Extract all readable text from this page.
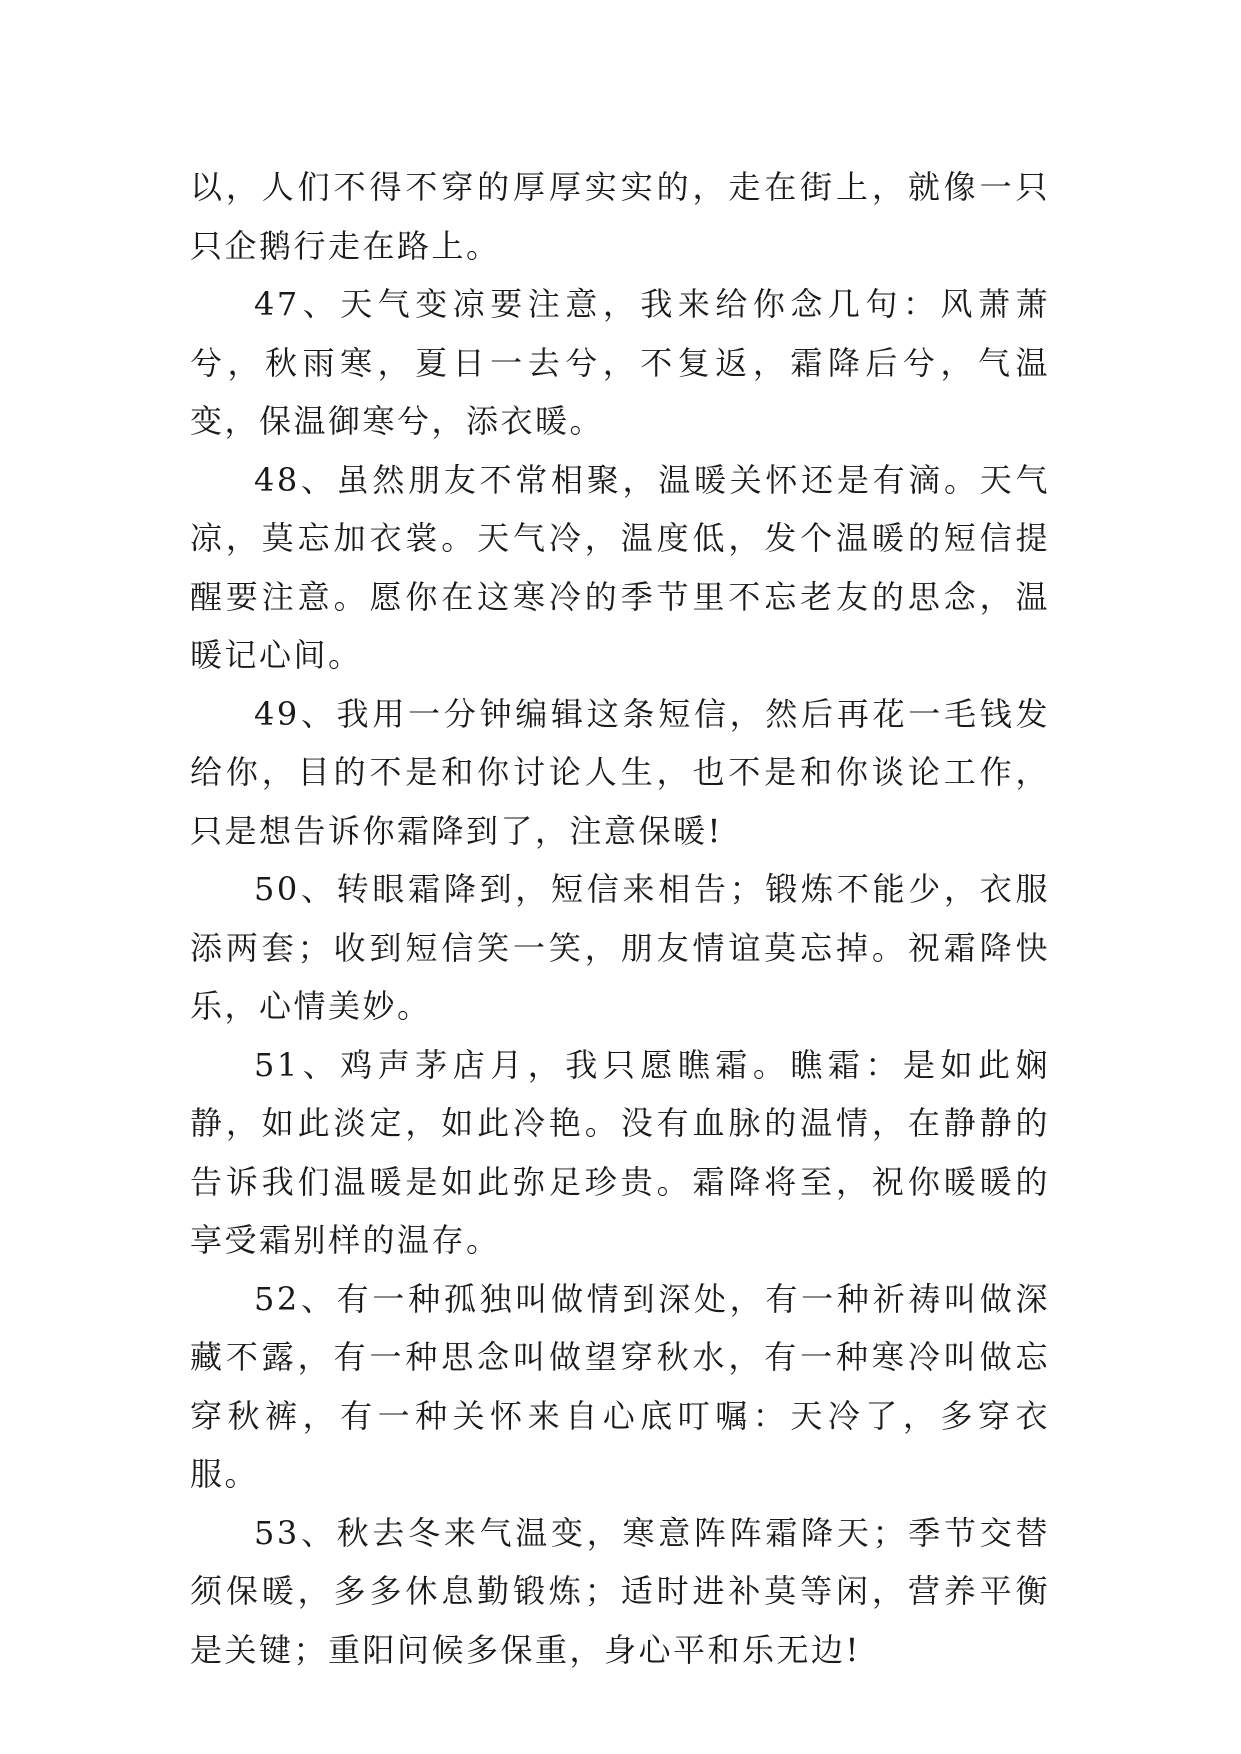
以，人们不得不穿的厚厚实实的，走在街上，就像一只只企鹅行走在路上。

47、天气变凉要注意，我来给你念几句：风萧萧兮，秋雨寒，夏日一去兮，不复返，霜降后兮，气温变，保温御寒兮，添衣暖。

48、虽然朋友不常相聚，温暖关怀还是有滴。天气凉，莫忘加衣裳。天气冷，温度低，发个温暖的短信提醒要注意。愿你在这寒冷的季节里不忘老友的思念，温暖记心间。

49、我用一分钟编辑这条短信，然后再花一毛钱发给你，目的不是和你讨论人生，也不是和你谈论工作，只是想告诉你霜降到了，注意保暖!

50、转眼霜降到，短信来相告；锻炼不能少，衣服添两套；收到短信笑一笑，朋友情谊莫忘掉。祝霜降快乐，心情美妙。

51、鸡声茅店月，我只愿瞧霜。瞧霜：是如此娴静，如此淡定，如此冷艳。没有血脉的温情，在静静的告诉我们温暖是如此弥足珍贵。霜降将至，祝你暖暖的享受霜别样的温存。

52、有一种孤独叫做情到深处，有一种祈祷叫做深藏不露，有一种思念叫做望穿秋水，有一种寒冷叫做忘穿秋裤，有一种关怀来自心底叮嘱：天冷了，多穿衣服。

53、秋去冬来气温变，寒意阵阵霜降天；季节交替须保暖，多多休息勤锻炼；适时进补莫等闲，营养平衡是关键；重阳问候多保重，身心平和乐无边!
